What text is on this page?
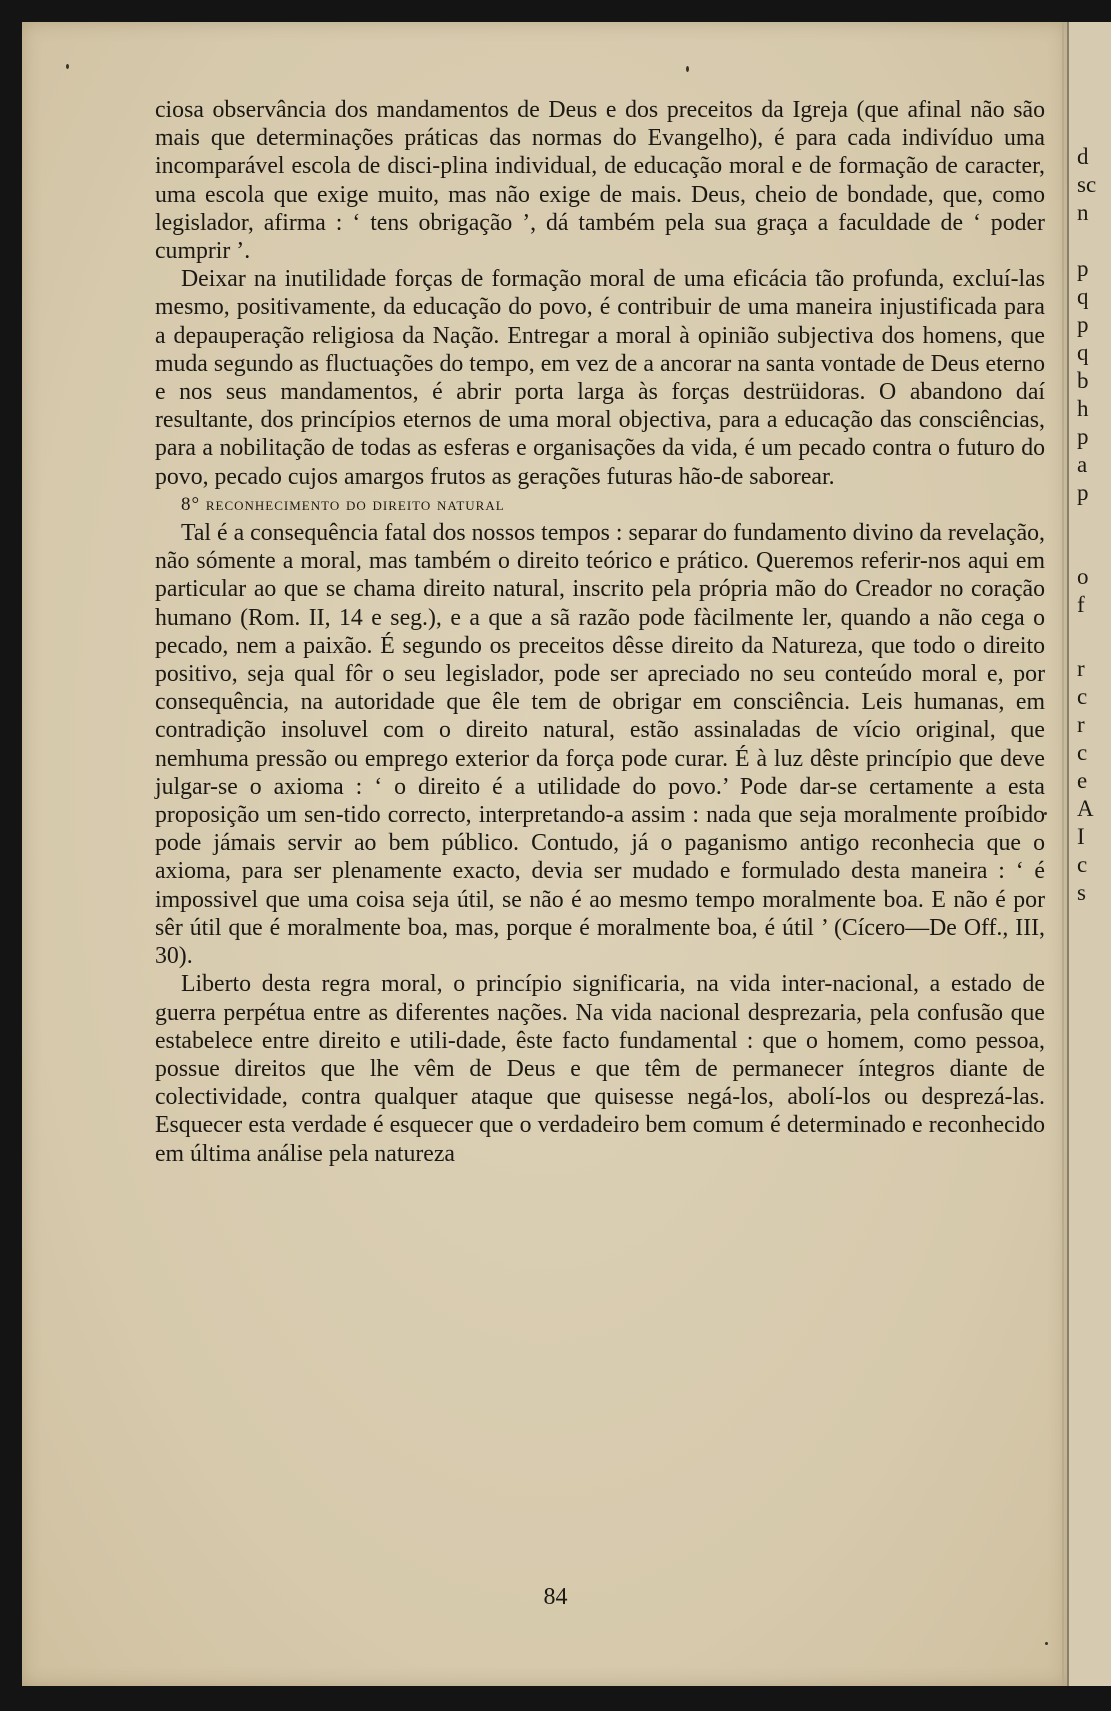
d
sc
n
p
q
p
q
b
h
p
a
p
o
f
r
c
r
c
e
A
I
c
s

ciosa observância dos mandamentos de Deus e dos preceitos da Igreja (que afinal não são mais que determinações práticas das normas do Evangelho), é para cada indivíduo uma incomparável escola de disci-plina individual, de educação moral e de formação de caracter, uma escola que exige muito, mas não exige de mais. Deus, cheio de bondade, que, como legislador, afirma : ‘ tens obrigação ’, dá também pela sua graça a faculdade de ‘ poder cumprir ’.

Deixar na inutilidade forças de formação moral de uma eficácia tão profunda, excluí-las mesmo, positivamente, da educação do povo, é contribuir de uma maneira injustificada para a depauperação religiosa da Nação. Entregar a moral à opinião subjectiva dos homens, que muda segundo as fluctuações do tempo, em vez de a ancorar na santa vontade de Deus eterno e nos seus mandamentos, é abrir porta larga às forças destrüidoras. O abandono daí resultante, dos princípios eternos de uma moral objectiva, para a educação das consciências, para a nobilitação de todas as esferas e organisações da vida, é um pecado contra o futuro do povo, pecado cujos amargos frutos as gerações futuras hão-de saborear.

8° reconhecimento do direito natural

Tal é a consequência fatal dos nossos tempos : separar do fundamento divino da revelação, não sómente a moral, mas também o direito teórico e prático. Queremos referir-nos aqui em particular ao que se chama direito natural, inscrito pela própria mão do Creador no coração humano (Rom. II, 14 e seg.), e a que a sã razão pode fàcilmente ler, quando a não cega o pecado, nem a paixão. É segundo os preceitos dêsse direito da Natureza, que todo o direito positivo, seja qual fôr o seu legislador, pode ser apreciado no seu conteúdo moral e, por consequência, na autoridade que êle tem de obrigar em consciência. Leis humanas, em contradição insoluvel com o direito natural, estão assinaladas de vício original, que nemhuma pressão ou emprego exterior da força pode curar. É à luz dêste princípio que deve julgar-se o axioma : ‘ o direito é a utilidade do povo.’ Pode dar-se certamente a esta proposição um sen-tido correcto, interpretando-a assim : nada que seja moralmente proíbido pode jámais servir ao bem público. Contudo, já o paganismo antigo reconhecia que o axioma, para ser plenamente exacto, devia ser mudado e formulado desta maneira : ‘ é impossivel que uma coisa seja útil, se não é ao mesmo tempo moralmente boa. E não é por sêr útil que é moralmente boa, mas, porque é moralmente boa, é útil ’ (Cícero—De Off., III, 30).

Liberto desta regra moral, o princípio significaria, na vida inter-nacional, a estado de guerra perpétua entre as diferentes nações. Na vida nacional desprezaria, pela confusão que estabelece entre direito e utili-dade, êste facto fundamental : que o homem, como pessoa, possue direitos que lhe vêm de Deus e que têm de permanecer íntegros diante de colectividade, contra qualquer ataque que quisesse negá-los, abolí-los ou desprezá-las. Esquecer esta verdade é esquecer que o verdadeiro bem comum é determinado e reconhecido em última análise pela natureza

84
